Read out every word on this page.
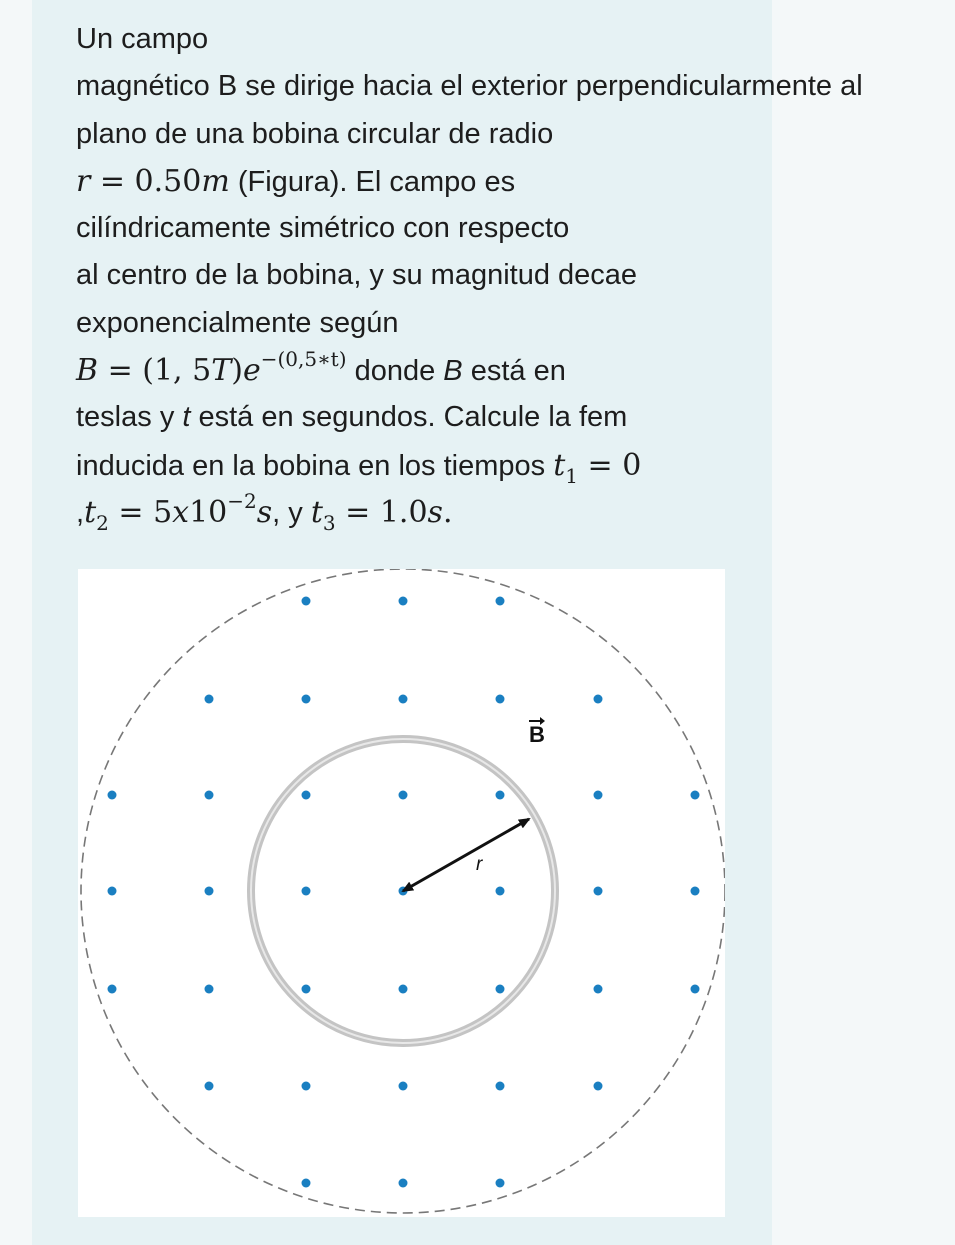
Un campo
magnético B se dirige hacia el exterior perpendicularmente al
plano de una bobina circular de radio
r = 0.50m (Figura). El campo es
cilíndricamente simétrico con respecto
al centro de la bobina, y su magnitud decae
exponencialmente según
B = (1, $5T)e^{-(0,5∗t)}$ donde B está en
teslas y t está en segundos. Calcule la fem
inducida en la bobina en los tiempos $t_1 = 0$
$,t_2 = 5x10^{-2}s$, y $t_3 = 1.0s$.
r
B
